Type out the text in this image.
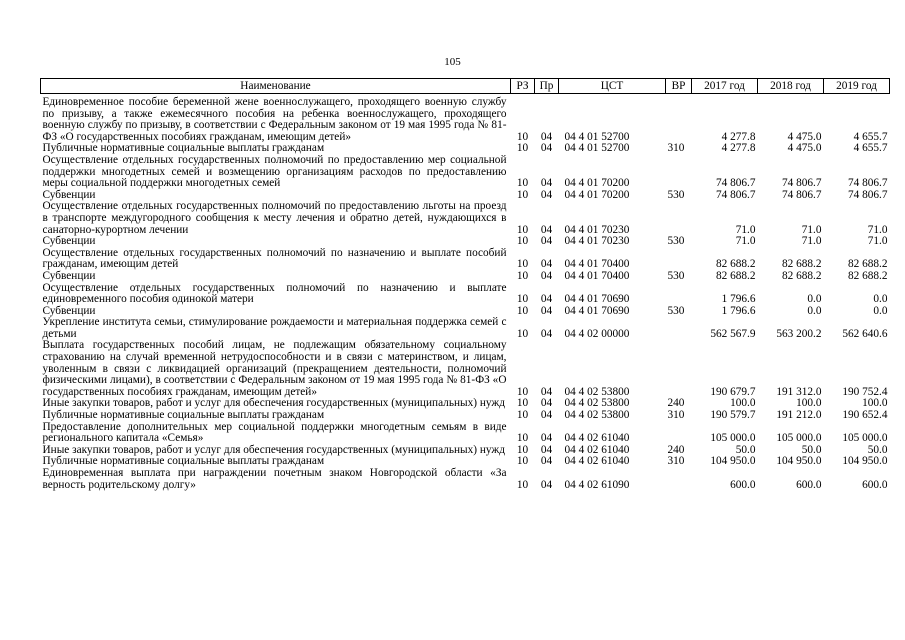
105
Наименование	РЗ	Пр	ЦСТ	ВР	2017 год	2018 год	2019 год
Единовременное пособие беременной жене военнослужащего, проходящего военную службу по призыву, а также ежемесячного пособия на ребенка военнослужащего, проходящего военную службу по призыву, в соответствии с Федеральным законом от 19 мая 1995 года № 81-ФЗ «О государственных пособиях гражданам, имеющим детей»	10	04	04 4 01 52700		4 277.8	4 475.0	4 655.7
Публичные нормативные социальные выплаты гражданам	10	04	04 4 01 52700	310	4 277.8	4 475.0	4 655.7
Осуществление отдельных государственных полномочий по предоставлению мер социальной поддержки многодетных семей и возмещению организациям расходов по предоставлению меры социальной поддержки многодетных семей	10	04	04 4 01 70200		74 806.7	74 806.7	74 806.7
Субвенции	10	04	04 4 01 70200	530	74 806.7	74 806.7	74 806.7
Осуществление отдельных государственных полномочий по предоставлению льготы на проезд в транспорте междугородного сообщения к месту лечения и обратно детей, нуждающихся в санаторно-курортном лечении	10	04	04 4 01 70230		71.0	71.0	71.0
Субвенции	10	04	04 4 01 70230	530	71.0	71.0	71.0
Осуществление отдельных государственных полномочий по назначению и выплате пособий гражданам, имеющим детей	10	04	04 4 01 70400		82 688.2	82 688.2	82 688.2
Субвенции	10	04	04 4 01 70400	530	82 688.2	82 688.2	82 688.2
Осуществление отдельных государственных полномочий по назначению и выплате единовременного пособия одинокой матери	10	04	04 4 01 70690		1 796.6	0.0	0.0
Субвенции	10	04	04 4 01 70690	530	1 796.6	0.0	0.0
Укрепление института семьи, стимулирование рождаемости и материальная поддержка семей с детьми	10	04	04 4 02 00000		562 567.9	563 200.2	562 640.6
Выплата государственных пособий лицам, не подлежащим обязательному социальному страхованию на случай временной нетрудоспособности и в связи с материнством, и лицам, уволенным в связи с ликвидацией организаций (прекращением деятельности, полномочий физическими лицами), в соответствии с Федеральным законом от 19 мая 1995 года № 81-ФЗ «О государственных пособиях гражданам, имеющим детей»	10	04	04 4 02 53800		190 679.7	191 312.0	190 752.4
Иные закупки товаров, работ и услуг для обеспечения государственных (муниципальных) нужд	10	04	04 4 02 53800	240	100.0	100.0	100.0
Публичные нормативные социальные выплаты гражданам	10	04	04 4 02 53800	310	190 579.7	191 212.0	190 652.4
Предоставление дополнительных мер социальной поддержки многодетным семьям в виде регионального капитала «Семья»	10	04	04 4 02 61040		105 000.0	105 000.0	105 000.0
Иные закупки товаров, работ и услуг для обеспечения государственных (муниципальных) нужд	10	04	04 4 02 61040	240	50.0	50.0	50.0
Публичные нормативные социальные выплаты гражданам	10	04	04 4 02 61040	310	104 950.0	104 950.0	104 950.0
Единовременная выплата при награждении почетным знаком Новгородской области «За верность родительскому долгу»	10	04	04 4 02 61090		600.0	600.0	600.0
